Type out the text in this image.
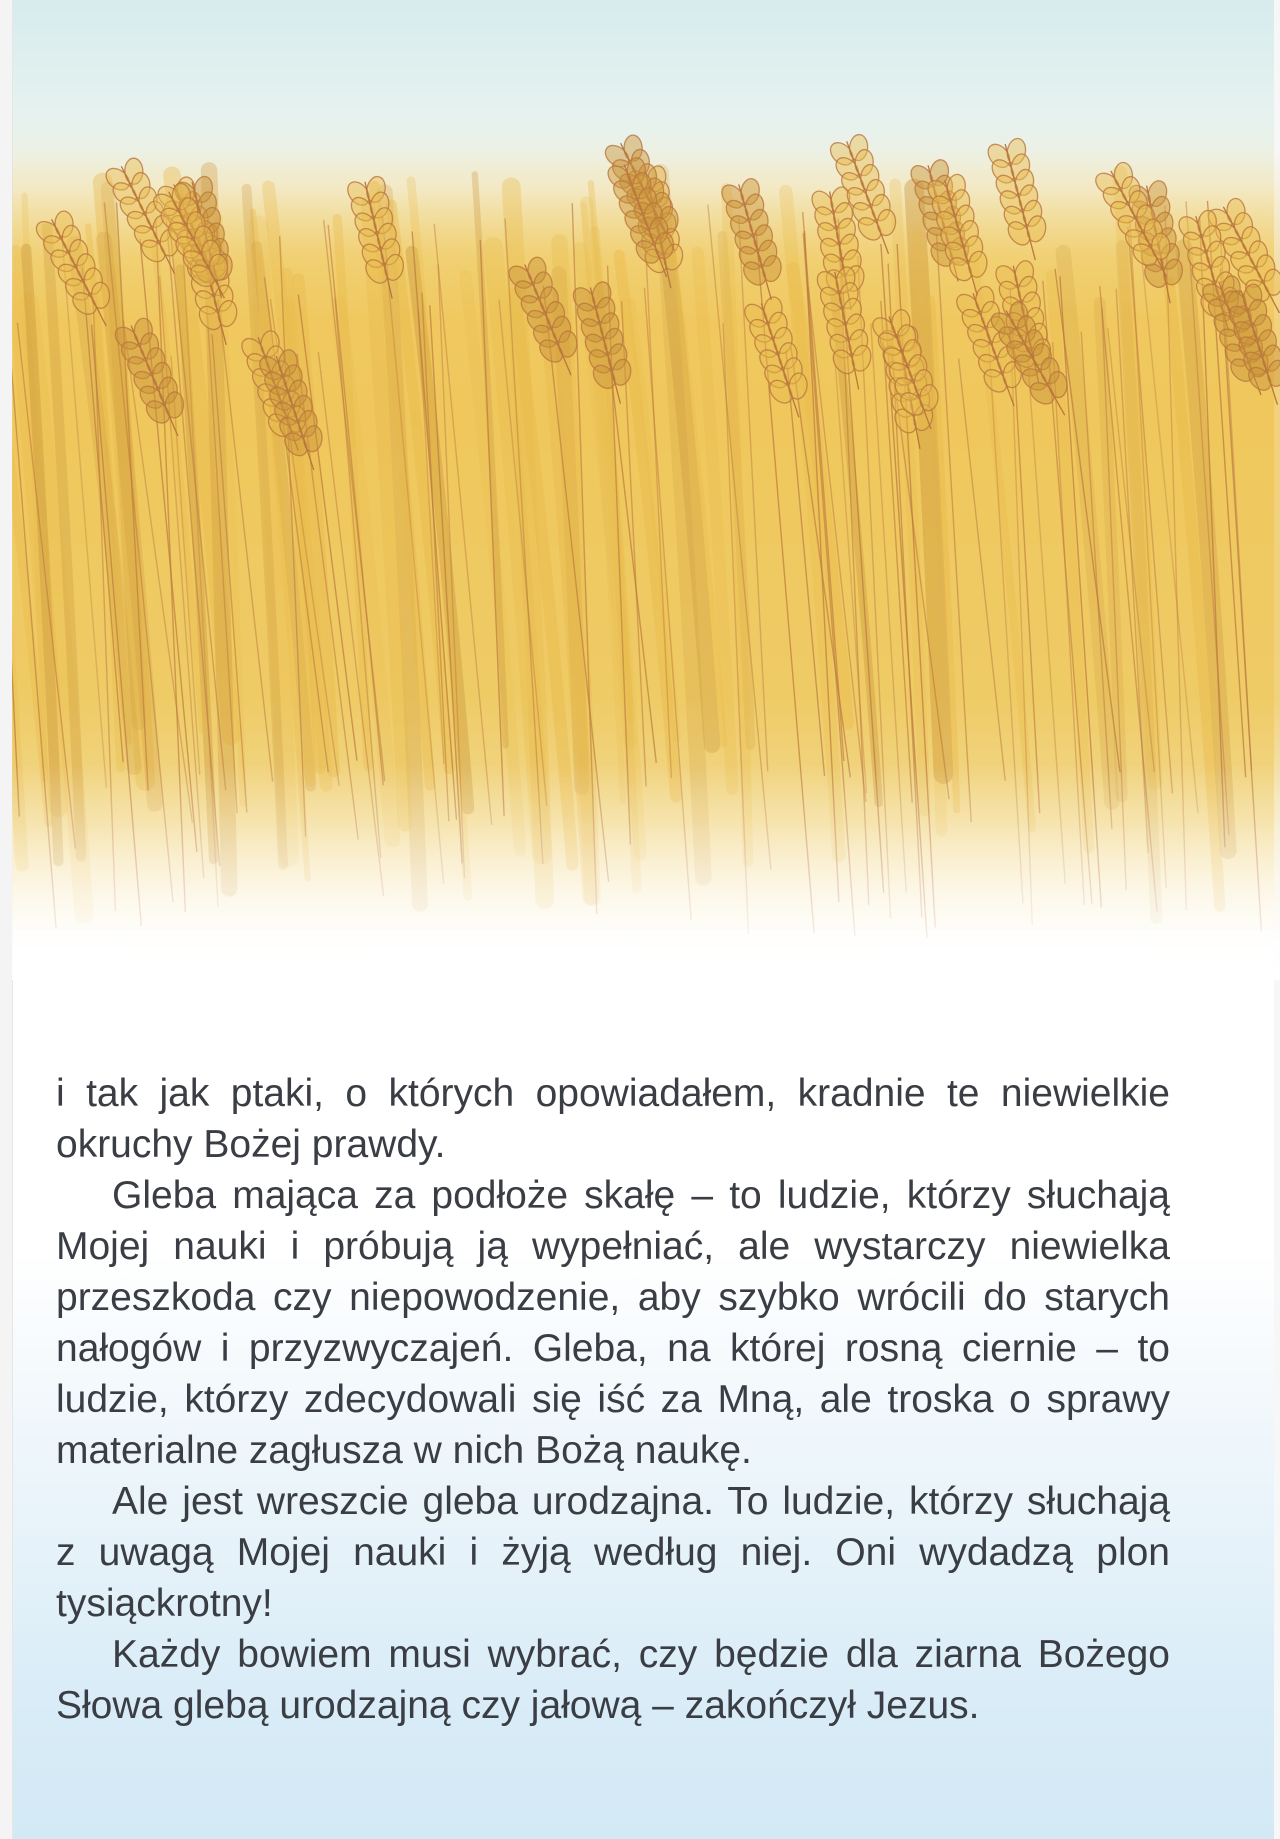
i tak jak ptaki, o których opowiadałem, kradnie te niewielkie okruchy Bożej prawdy.

Gleba mająca za podłoże skałę – to ludzie, którzy słuchają Mojej nauki i próbują ją wypełniać, ale wystarczy niewielka przeszkoda czy niepowodzenie, aby szybko wrócili do starych nałogów i przyzwyczajeń. Gleba, na której rosną ciernie – to ludzie, którzy zdecydowali się iść za Mną, ale troska o sprawy materialne zagłusza w nich Bożą naukę.

Ale jest wreszcie gleba urodzajna. To ludzie, którzy słuchają z uwagą Mojej nauki i żyją według niej. Oni wydadzą plon tysiąckrotny!

Każdy bowiem musi wybrać, czy będzie dla ziarna Bożego Słowa glebą urodzajną czy jałową – zakończył Jezus.
